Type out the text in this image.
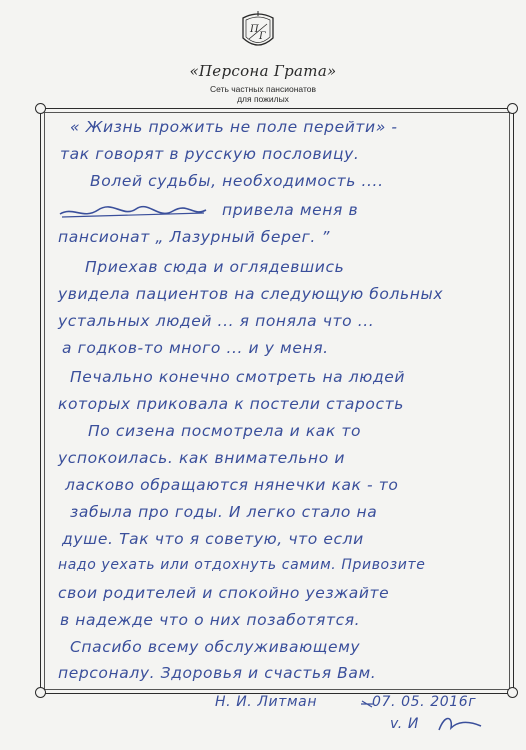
П
Г
«Персона Грата»
Сеть частных пансионатов
для пожилых
« Жизнь прожить не поле перейти» -
так говорят в русскую пословицу.
Волей судьбы, необходимость ....
привела меня в
пансионат „ Лазурный берег. ”
Приехав сюда и оглядевшись
увидела пациентов на следующую больных
устальных людей ... я поняла что ...
а годков-то много ... и у меня.
Печально конечно смотреть на людей
которых приковала к постели старость
По сизена посмотрела и как то
успокоилась. как внимательно и
ласково обращаются нянечки как - то
забыла про годы. И легко стало на
душе. Так что я советую, что если
надо уехать или отдохнуть самим. Привозите
свои родителей и спокойно уезжайте
в надежде что о них позаботятся.
Спасибо всему обслуживающему
персоналу. Здоровья и счастья Вам.
Н. И. Литман	07. 05. 2016г
v. И
